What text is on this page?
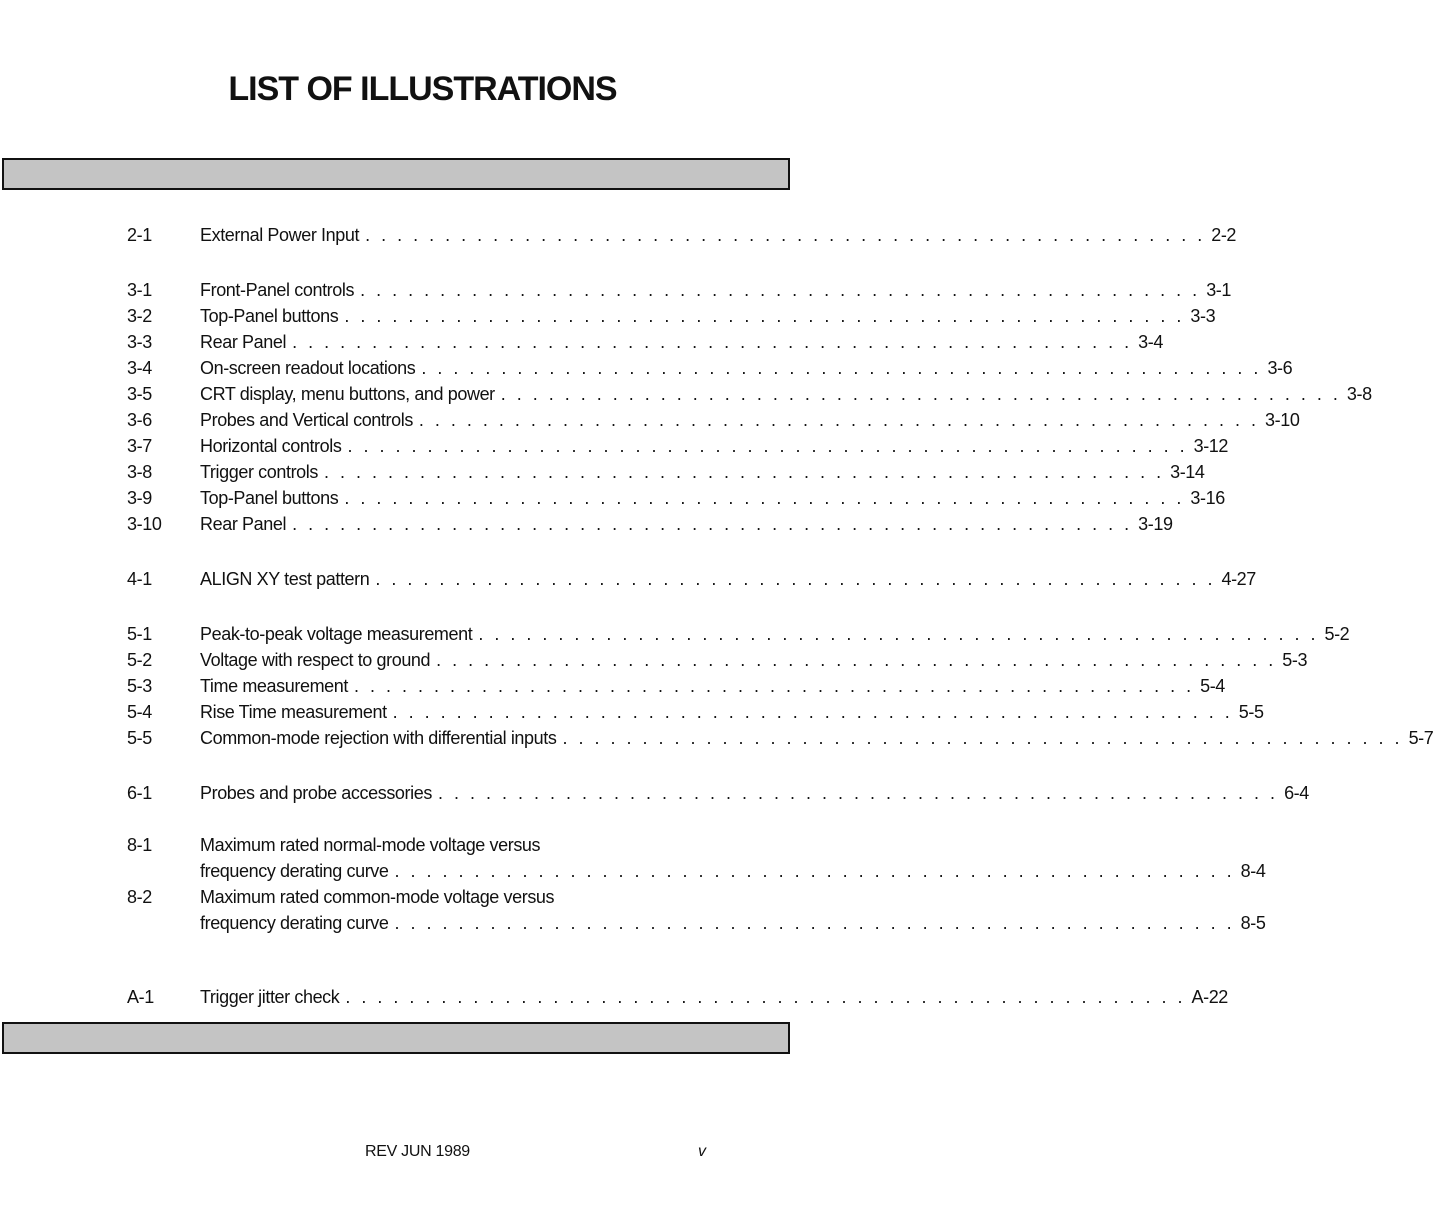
LIST OF ILLUSTRATIONS
2-1	External Power Input . . . . . . . . . . . . . . . . . . . . . . . . . . . . . . . . . . . . . . . . . . . . . . . . . . . . . 2-2
3-1	Front-Panel controls . . . . . . . . . . . . . . . . . . . . . . . . . . . . . . . . . . . . . . . . . . . . . . . . . . . . . 3-1
3-2	Top-Panel buttons . . . . . . . . . . . . . . . . . . . . . . . . . . . . . . . . . . . . . . . . . . . . . . . . . . . . . 3-3
3-3	Rear Panel . . . . . . . . . . . . . . . . . . . . . . . . . . . . . . . . . . . . . . . . . . . . . . . . . . . . . 3-4
3-4	On-screen readout locations . . . . . . . . . . . . . . . . . . . . . . . . . . . . . . . . . . . . . . . . . . . . . . . . . . . . . 3-6
3-5	CRT display, menu buttons, and power . . . . . . . . . . . . . . . . . . . . . . . . . . . . . . . . . . . . . . . . . . . . . . . . . . . . . 3-8
3-6	Probes and Vertical controls . . . . . . . . . . . . . . . . . . . . . . . . . . . . . . . . . . . . . . . . . . . . . . . . . . . . . 3-10
3-7	Horizontal controls . . . . . . . . . . . . . . . . . . . . . . . . . . . . . . . . . . . . . . . . . . . . . . . . . . . . . 3-12
3-8	Trigger controls . . . . . . . . . . . . . . . . . . . . . . . . . . . . . . . . . . . . . . . . . . . . . . . . . . . . . 3-14
3-9	Top-Panel buttons . . . . . . . . . . . . . . . . . . . . . . . . . . . . . . . . . . . . . . . . . . . . . . . . . . . . . 3-16
3-10 Rear Panel . . . . . . . . . . . . . . . . . . . . . . . . . . . . . . . . . . . . . . . . . . . . . . . . . . . . . 3-19
4-1	ALIGN XY test pattern . . . . . . . . . . . . . . . . . . . . . . . . . . . . . . . . . . . . . . . . . . . . . . . . . . . . . 4-27
5-1	Peak-to-peak voltage measurement . . . . . . . . . . . . . . . . . . . . . . . . . . . . . . . . . . . . . . . . . . . . . . . . . . . . . 5-2
5-2	Voltage with respect to ground . . . . . . . . . . . . . . . . . . . . . . . . . . . . . . . . . . . . . . . . . . . . . . . . . . . . . 5-3
5-3	Time measurement . . . . . . . . . . . . . . . . . . . . . . . . . . . . . . . . . . . . . . . . . . . . . . . . . . . . . 5-4
5-4	Rise Time measurement . . . . . . . . . . . . . . . . . . . . . . . . . . . . . . . . . . . . . . . . . . . . . . . . . . . . . 5-5
5-5	Common-mode rejection with differential inputs . . . . . . . . . . . . . . . . . . . . . . . . . . . . . . . . . . . . . . . . . . . . . . . . . . . . . 5-7
6-1	Probes and probe accessories . . . . . . . . . . . . . . . . . . . . . . . . . . . . . . . . . . . . . . . . . . . . . . . . . . . . . 6-4
8-1	Maximum rated normal-mode voltage versus
frequency derating curve . . . . . . . . . . . . . . . . . . . . . . . . . . . . . . . . . . . . . . . . . . . . . . . . . . . . . 8-4
8-2	Maximum rated common-mode voltage versus
frequency derating curve . . . . . . . . . . . . . . . . . . . . . . . . . . . . . . . . . . . . . . . . . . . . . . . . . . . . . 8-5
A-1	Trigger jitter check . . . . . . . . . . . . . . . . . . . . . . . . . . . . . . . . . . . . . . . . . . . . . . . . . . . . . A-22
REV JUN 1989	v
